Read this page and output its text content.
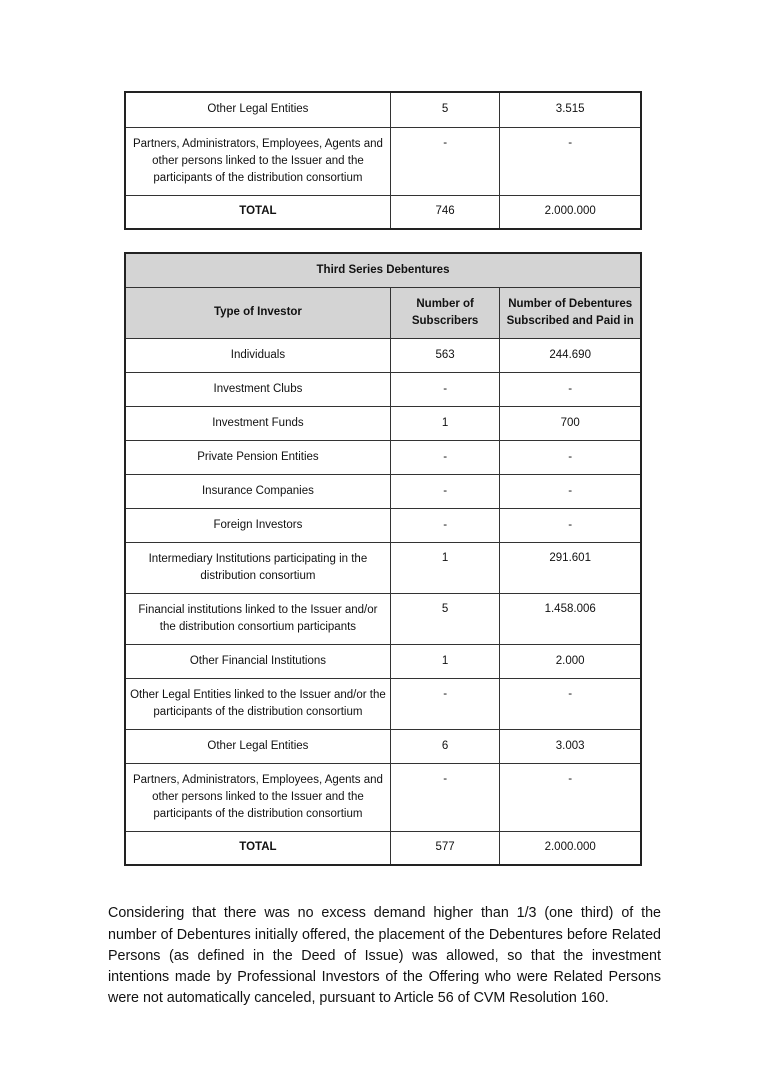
Other Legal Entities	5	3.515
Partners, Administrators, Employees, Agents and other persons linked to the Issuer and the participants of the distribution consortium	-	-
TOTAL	746	2.000.000
Third Series Debentures		
Type of Investor	Number of Subscribers	Number of Debentures Subscribed and Paid in
Individuals	563	244.690
Investment Clubs	-	-
Investment Funds	1	700
Private Pension Entities	-	-
Insurance Companies	-	-
Foreign Investors	-	-
Intermediary Institutions participating in the distribution consortium	1	291.601
Financial institutions linked to the Issuer and/or the distribution consortium participants	5	1.458.006
Other Financial Institutions	1	2.000
Other Legal Entities linked to the Issuer and/or the participants of the distribution consortium	-	-
Other Legal Entities	6	3.003
Partners, Administrators, Employees, Agents and other persons linked to the Issuer and the participants of the distribution consortium	-	-
TOTAL	577	2.000.000

Considering that there was no excess demand higher than 1/3 (one third) of the number of Debentures initially offered, the placement of the Debentures before Related Persons (as defined in the Deed of Issue) was allowed, so that the investment intentions made by Professional Investors of the Offering who were Related Persons were not automatically canceled, pursuant to Article 56 of CVM Resolution 160.
